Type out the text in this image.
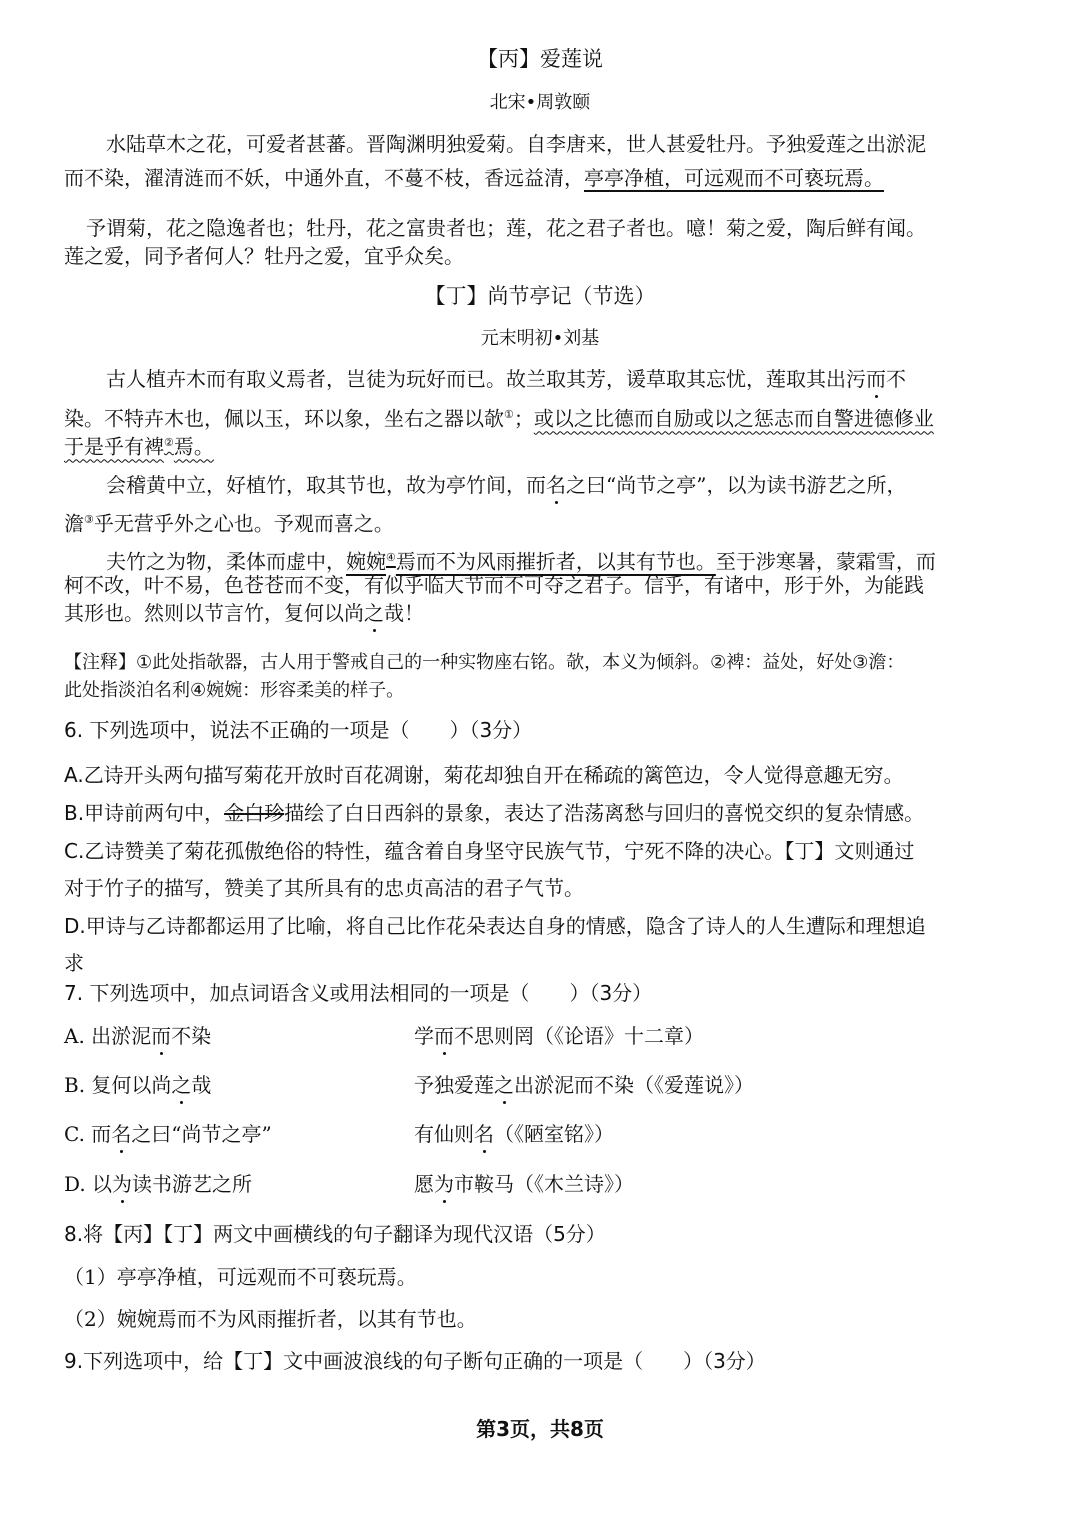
【丙】爱莲说
北宋•周敦颐
水陆草木之花，可爱者甚蕃。晋陶渊明独爱菊。自李唐来，世人甚爱牡丹。予独爱莲之出淤泥
而不染，濯清涟而不妖，中通外直，不蔓不枝，香远益清，亭亭净植，可远观而不可亵玩焉。
予谓菊，花之隐逸者也；牡丹，花之富贵者也；莲，花之君子者也。噫！菊之爱，陶后鲜有闻。
莲之爱，同予者何人？牡丹之爱，宜乎众矣。
【丁】尚节亭记（节选）
元末明初•刘基
古人植卉木而有取义焉者，岂徒为玩好而已。故兰取其芳，谖草取其忘忧，莲取其出污而不
染。不特卉木也，佩以玉，环以象，坐右之器以欹①；或以之比德而自励或以之惩志而自警进德修业
于是乎有裨②焉。
会稽黄中立，好植竹，取其节也，故为亭竹间，而名之曰“尚节之亭”，以为读书游艺之所，
澹③乎无营乎外之心也。予观而喜之。
夫竹之为物，柔体而虚中，婉婉④焉而不为风雨摧折者，以其有节也。至于涉寒暑，蒙霜雪，而
柯不改，叶不易，色苍苍而不变，有似乎临大节而不可夺之君子。信乎，有诸中，形于外，为能践
其形也。然则以节言竹，复何以尚之哉！
【注释】①此处指欹器，古人用于警戒自己的一种实物座右铭。欹，本义为倾斜。②裨：益处，好处③澹：
此处指淡泊名利④婉婉：形容柔美的样子。
6. 下列选项中，说法不正确的一项是（　　）（3分）
A.乙诗开头两句描写菊花开放时百花凋谢，菊花却独自开在稀疏的篱笆边，令人觉得意趣无穷。
B.甲诗前两句中，金白珍描绘了白日西斜的景象，表达了浩荡离愁与回归的喜悦交织的复杂情感。
C.乙诗赞美了菊花孤傲绝俗的特性，蕴含着自身坚守民族气节，宁死不降的决心。【丁】文则通过
对于竹子的描写，赞美了其所具有的忠贞高洁的君子气节。
D.甲诗与乙诗都都运用了比喻，将自己比作花朵表达自身的情感，隐含了诗人的人生遭际和理想追
求
7. 下列选项中，加点词语含义或用法相同的一项是（　　）（3分）
A. 出淤泥而不染	学而不思则罔（《论语》十二章）
B. 复何以尚之哉	予独爱莲之出淤泥而不染（《爱莲说》）
C. 而名之曰“尚节之亭”	有仙则名（《陋室铭》）
D. 以为读书游艺之所	愿为市鞍马（《木兰诗》）
8.将【丙】【丁】两文中画横线的句子翻译为现代汉语（5分）
（1）亭亭净植，可远观而不可亵玩焉。
（2）婉婉焉而不为风雨摧折者，以其有节也。
9.下列选项中，给【丁】文中画波浪线的句子断句正确的一项是（　　）（3分）
第3页，共8页
